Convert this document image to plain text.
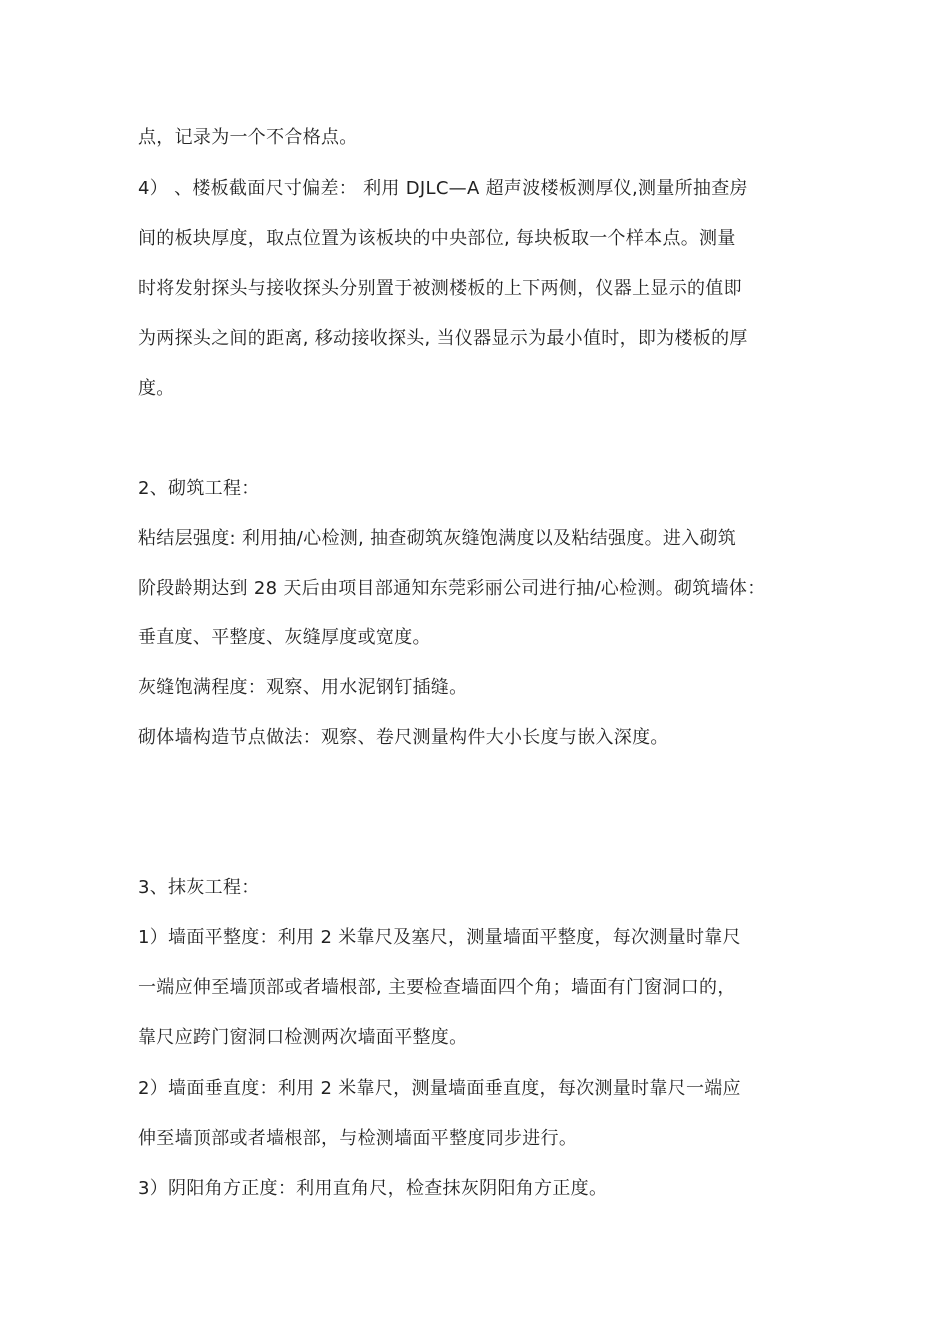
点，记录为一个不合格点。
4） 、楼板截面尺寸偏差： 利用 DJLC—A 超声波楼板测厚仪,测量所抽查房
间的板块厚度，取点位置为该板块的中央部位, 每块板取一个样本点。测量
时将发射探头与接收探头分别置于被测楼板的上下两侧，仪器上显示的值即
为两探头之间的距离, 移动接收探头, 当仪器显示为最小值时，即为楼板的厚
度。
2、砌筑工程：
粘结层强度: 利用抽/心检测, 抽查砌筑灰缝饱满度以及粘结强度。进入砌筑
阶段龄期达到 28 天后由项目部通知东莞彩丽公司进行抽/心检测。砌筑墙体：
垂直度、平整度、灰缝厚度或宽度。
灰缝饱满程度：观察、用水泥钢钉插缝。
砌体墙构造节点做法：观察、卷尺测量构件大小长度与嵌入深度。
3、抹灰工程：
1）墙面平整度：利用 2 米靠尺及塞尺，测量墙面平整度，每次测量时靠尺
一端应伸至墙顶部或者墙根部, 主要检查墙面四个角；墙面有门窗洞口的，
靠尺应跨门窗洞口检测两次墙面平整度。
2）墙面垂直度：利用 2 米靠尺，测量墙面垂直度，每次测量时靠尺一端应
伸至墙顶部或者墙根部，与检测墙面平整度同步进行。
3）阴阳角方正度：利用直角尺，检查抹灰阴阳角方正度。
